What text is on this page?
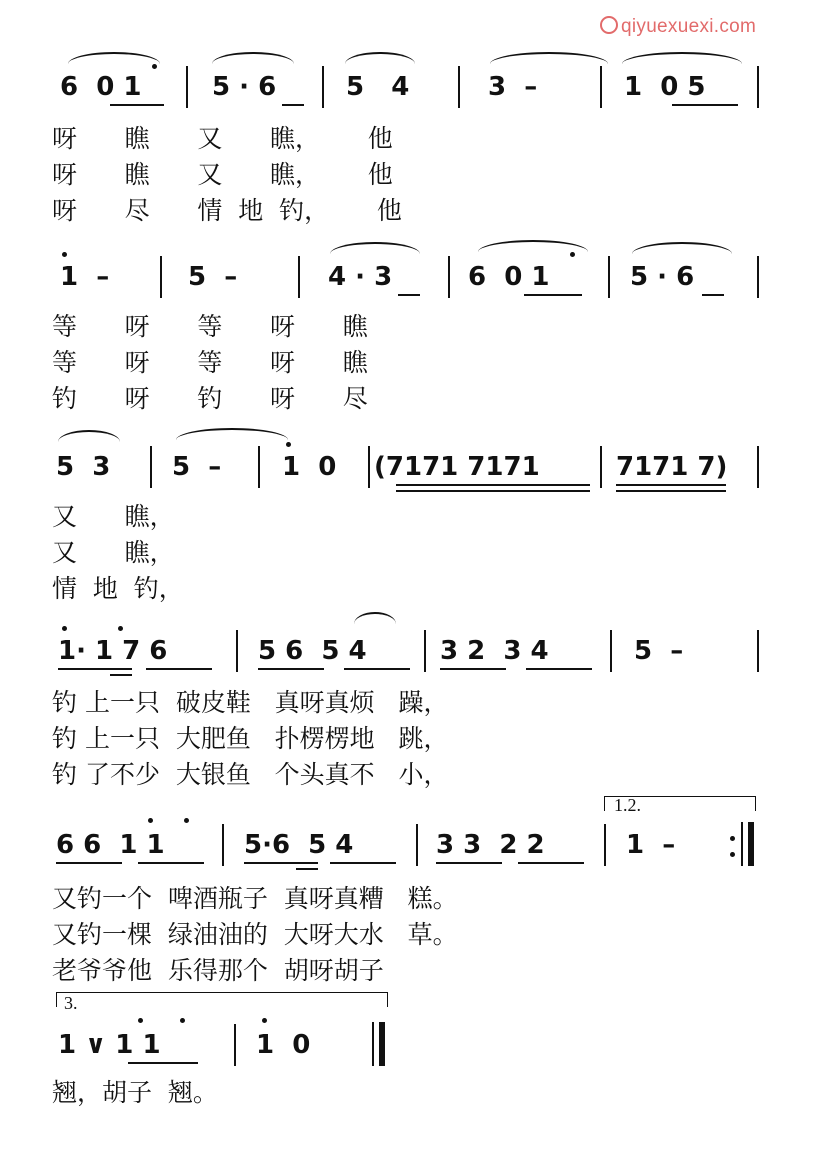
qiyuexuexi.com
6  0 1	5 · 6	5   4	3  –	1  0 5
呀      瞧      又      瞧，      他
呀      瞧      又      瞧，      他
呀      尽      情  地  钓，      他
1  –	5  –	4 · 3	6  0 1	5 · 6
等      呀      等      呀      瞧
等      呀      等      呀      瞧
钓      呀      钓      呀      尽
5  3 5  – 1  0 (7171 7171	7171 7)
又      瞧，
又      瞧，
情  地  钓，
1· 1 7 6	5 6  5 4	3 2  3 4	5  –
钓 上一只  破皮鞋   真呀真烦   躁，
钓 上一只  大肥鱼   扑楞楞地   跳，
钓 了不少  大银鱼   个头真不   小，
1.2.
6 6  1 1	5·6  5 4	3 3  2 2	1  –
又钓一个  啤酒瓶子  真呀真糟   糕。
又钓一棵  绿油油的  大呀大水   草。
老爷爷他  乐得那个  胡呀胡子
3.
1 ∨ 1 1	1  0
翘，胡子  翘。
